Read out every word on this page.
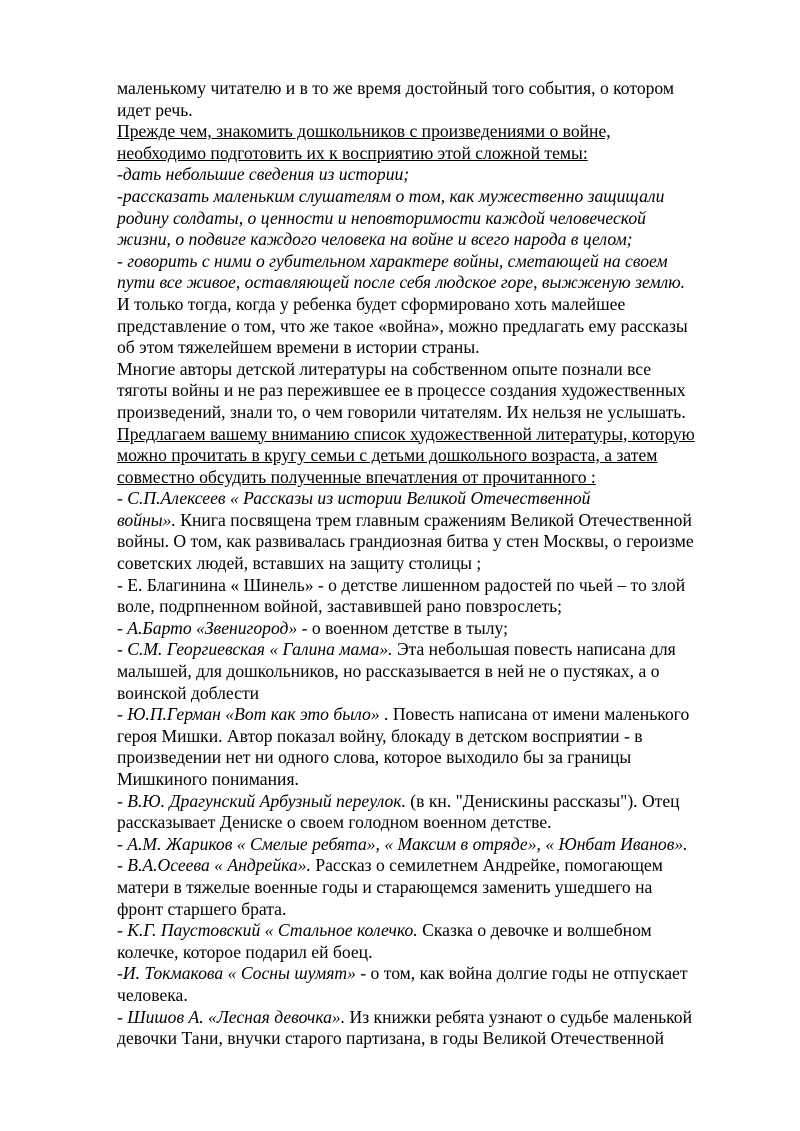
маленькому читателю и в то же время достойный того события, о котором
идет речь.
Прежде чем, знакомить дошкольников с произведениями о войне,
необходимо подготовить их к восприятию этой сложной темы:
-дать небольшие сведения из истории;
-рассказать маленьким слушателям о том, как мужественно защищали
родину солдаты, о ценности и неповторимости каждой человеческой
жизни, о подвиге каждого человека на войне и всего народа в целом;
- говорить с ними о губительном характере войны, сметающей на своем
пути все живое, оставляющей после себя людское горе, выжженую землю.
И только тогда, когда у ребенка будет сформировано хоть малейшее
представление о том, что же такое «война», можно предлагать ему рассказы
об этом тяжелейшем времени в истории страны.
Многие авторы детской литературы на собственном опыте познали все
тяготы войны и не раз пережившее ее в процессе создания художественных
произведений, знали то, о чем говорили читателям. Их нельзя не услышать.
Предлагаем вашему вниманию список художественной литературы, которую
можно прочитать в кругу семьи с детьми дошкольного возраста, а затем
совместно обсудить полученные впечатления от прочитанного :
- С.П.Алексеев « Рассказы из истории Великой Отечественной
войны». Книга посвящена трем главным сражениям Великой Отечественной
войны. О том, как развивалась грандиозная битва у стен Москвы, о героизме
советских людей, вставших на защиту столицы ;
- Е. Благинина « Шинель» - о детстве лишенном радостей по чьей – то злой
воле, подрпненном войной, заставившей рано повзрослеть;
- А.Барто «Звенигород» - о военном детстве в тылу;
- С.М. Георгиевская « Галина мама». Эта небольшая повесть написана для
малышей, для дошкольников, но рассказывается в ней не о пустяках, а о
воинской доблести
- Ю.П.Герман «Вот как это было» . Повесть написана от имени маленького
героя Мишки. Автор показал войну, блокаду в детском восприятии - в
произведении нет ни одного слова, которое выходило бы за границы
Мишкиного понимания.
- В.Ю. Драгунский Арбузный переулок. (в кн. "Денискины рассказы"). Отец
рассказывает Дениске о своем голодном военном детстве.
- А.М. Жариков « Смелые ребята», « Максим в отряде», « Юнбат Иванов».
- В.А.Осеева « Андрейка». Рассказ о семилетнем Андрейке, помогающем
матери в тяжелые военные годы и старающемся заменить ушедшего на
фронт старшего брата.
- К.Г. Паустовский « Стальное колечко. Сказка о девочке и волшебном
колечке, которое подарил ей боец.
-И. Токмакова « Сосны шумят» - о том, как война долгие годы не отпускает
человека.
- Шишов А. «Лесная девочка». Из книжки ребята узнают о судьбе маленькой
девочки Тани, внучки старого партизана, в годы Великой Отечественной
